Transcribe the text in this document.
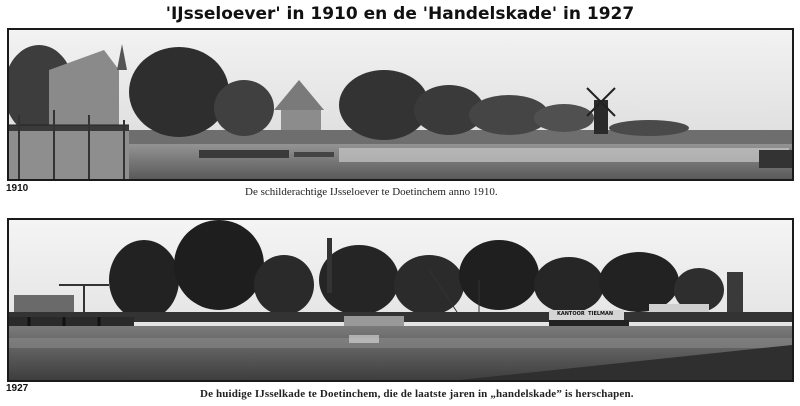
'IJsseloever' in 1910 en de 'Handelskade' in 1927
1910	De schilderachtige IJsseloever te Doetinchem anno 1910.
KANTOOR  TIELMAN
1927	De huidige IJsselkade te Doetinchem, die de laatste jaren in „handelskade” is herschapen.
